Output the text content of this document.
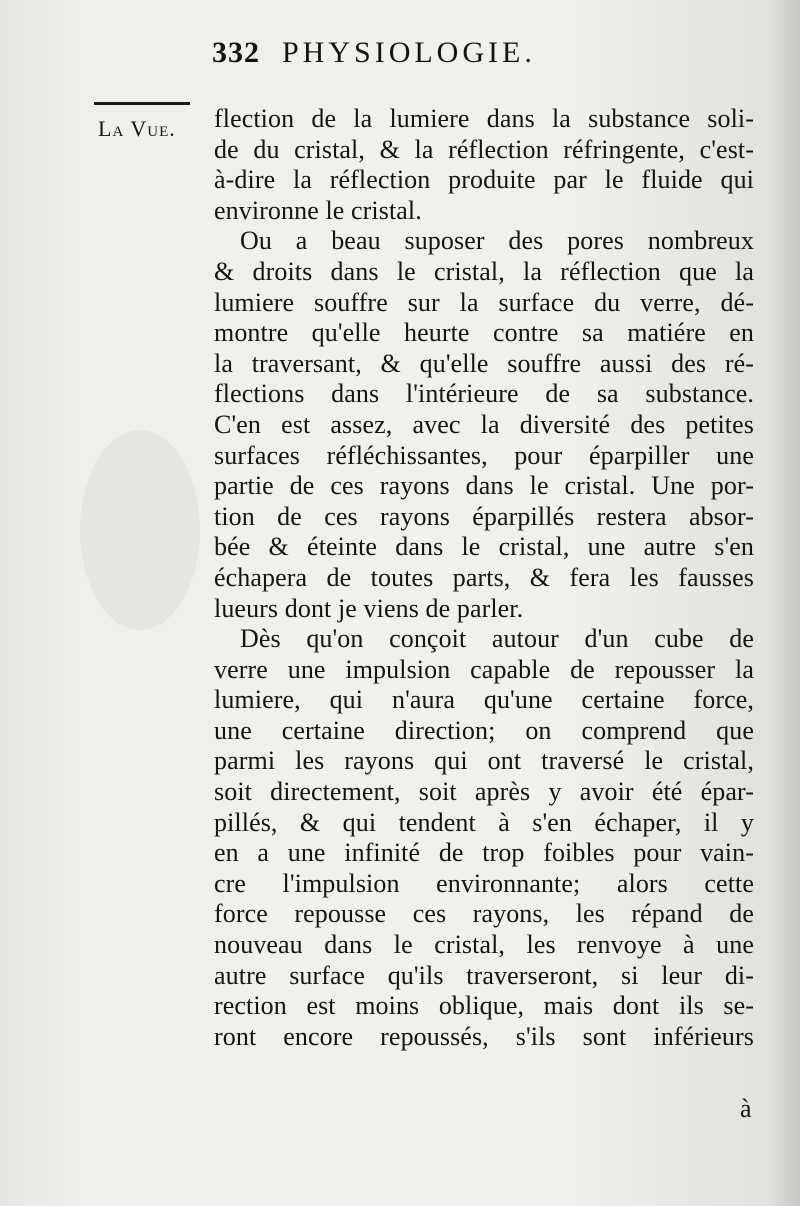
332 PHYSIOLOGIE.
La Vue. flection de la lumiere dans la substance soli-
de du cristal, & la réflection réfringente, c'est-
à-dire la réflection produite par le fluide qui
environne le cristal.
Ou a beau suposer des pores nombreux
& droits dans le cristal, la réflection que la
lumiere souffre sur la surface du verre, dé-
montre qu'elle heurte contre sa matiére en
la traversant, & qu'elle souffre aussi des ré-
flections dans l'intérieure de sa substance.
C'en est assez, avec la diversité des petites
surfaces réfléchissantes, pour éparpiller une
partie de ces rayons dans le cristal. Une por-
tion de ces rayons éparpillés restera absor-
bée & éteinte dans le cristal, une autre s'en
échapera de toutes parts, & fera les fausses
lueurs dont je viens de parler.
Dès qu'on conçoit autour d'un cube de
verre une impulsion capable de repousser la
lumiere, qui n'aura qu'une certaine force,
une certaine direction; on comprend que
parmi les rayons qui ont traversé le cristal,
soit directement, soit après y avoir été épar-
pillés, & qui tendent à s'en échaper, il y
en a une infinité de trop foibles pour vain-
cre l'impulsion environnante; alors cette
force repousse ces rayons, les répand de
nouveau dans le cristal, les renvoye à une
autre surface qu'ils traverseront, si leur di-
rection est moins oblique, mais dont ils se-
ront encore repoussés, s'ils sont inférieurs
à
